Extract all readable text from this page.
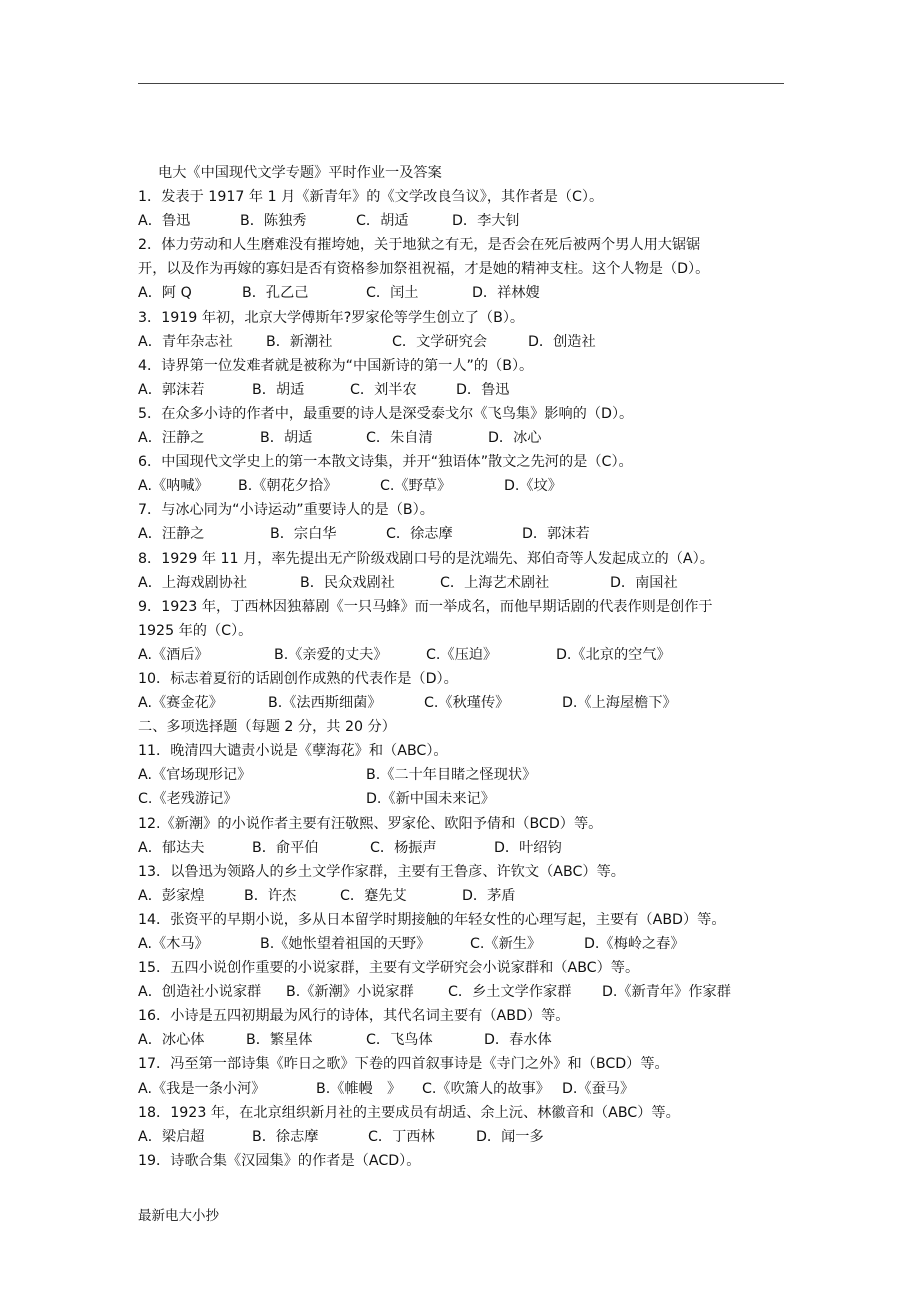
电大《中国现代文学专题》平时作业一及答案
1．发表于 1917 年 1 月《新青年》的《文学改良刍议》，其作者是（C）。
A．鲁迅	B．陈独秀	C．胡适	D．李大钊
2．体力劳动和人生磨难没有摧垮她，关于地狱之有无，是否会在死后被两个男人用大锯锯
开，以及作为再嫁的寡妇是否有资格参加祭祖祝福，才是她的精神支柱。这个人物是（D）。
A．阿 Q	B．孔乙己	C．闰土	D．祥林嫂
3．1919 年初，北京大学傅斯年?罗家伦等学生创立了（B）。
A．青年杂志社	B．新潮社	C．文学研究会	D．创造社
4．诗界第一位发难者就是被称为“中国新诗的第一人”的（B）。
A．郭沫若	B．胡适	C．刘半农	D．鲁迅
5．在众多小诗的作者中，最重要的诗人是深受泰戈尔《飞鸟集》影响的（D）。
A．汪静之	B．胡适	C．朱自清	D．冰心
6．中国现代文学史上的第一本散文诗集，并开“独语体”散文之先河的是（C）。
A.《呐喊》	B.《朝花夕拾》	C.《野草》	D.《坟》
7．与冰心同为“小诗运动”重要诗人的是（B）。
A．汪静之	B．宗白华	C．徐志摩	D．郭沫若
8．1929 年 11 月，率先提出无产阶级戏剧口号的是沈端先、郑伯奇等人发起成立的（A）。
A．上海戏剧协社	B．民众戏剧社	C．上海艺术剧社	D．南国社
9．1923 年，丁西林因独幕剧《一只马蜂》而一举成名，而他早期话剧的代表作则是创作于
1925 年的（C）。
A.《酒后》	B.《亲爱的丈夫》	C.《压迫》	D.《北京的空气》
10．标志着夏衍的话剧创作成熟的代表作是（D）。
A.《赛金花》	B.《法西斯细菌》	C.《秋瑾传》	D.《上海屋檐下》
二、多项选择题（每题 2 分，共 20 分）
11．晚清四大谴责小说是《孽海花》和（ABC）。
A.《官场现形记》	B.《二十年目睹之怪现状》
C.《老残游记》	D.《新中国未来记》
12.《新潮》的小说作者主要有汪敬熙、罗家伦、欧阳予倩和（BCD）等。
A．郁达夫	B．俞平伯	C．杨振声	D．叶绍钧
13．以鲁迅为领路人的乡土文学作家群，主要有王鲁彦、许钦文（ABC）等。
A．彭家煌	B．许杰	C．蹇先艾	D．茅盾
14．张资平的早期小说，多从日本留学时期接触的年轻女性的心理写起，主要有（ABD）等。
A.《木马》	B.《她怅望着祖国的天野》	C.《新生》	D.《梅岭之春》
15．五四小说创作重要的小说家群，主要有文学研究会小说家群和（ABC）等。
A．创造社小说家群	B.《新潮》小说家群	C．乡土文学作家群	D.《新青年》作家群
16．小诗是五四初期最为风行的诗体，其代名词主要有（ABD）等。
A．冰心体	B．繁星体	C．飞鸟体	D．春水体
17．冯至第一部诗集《昨日之歌》下卷的四首叙事诗是《寺门之外》和（BCD）等。
A.《我是一条小河》	B.《帷幔　》	C.《吹箫人的故事》 D.《蚕马》
18．1923 年，在北京组织新月社的主要成员有胡适、余上沅、林徽音和（ABC）等。
A．梁启超	B．徐志摩	C．丁西林	D．闻一多
19．诗歌合集《汉园集》的作者是（ACD）。
最新电大小抄
